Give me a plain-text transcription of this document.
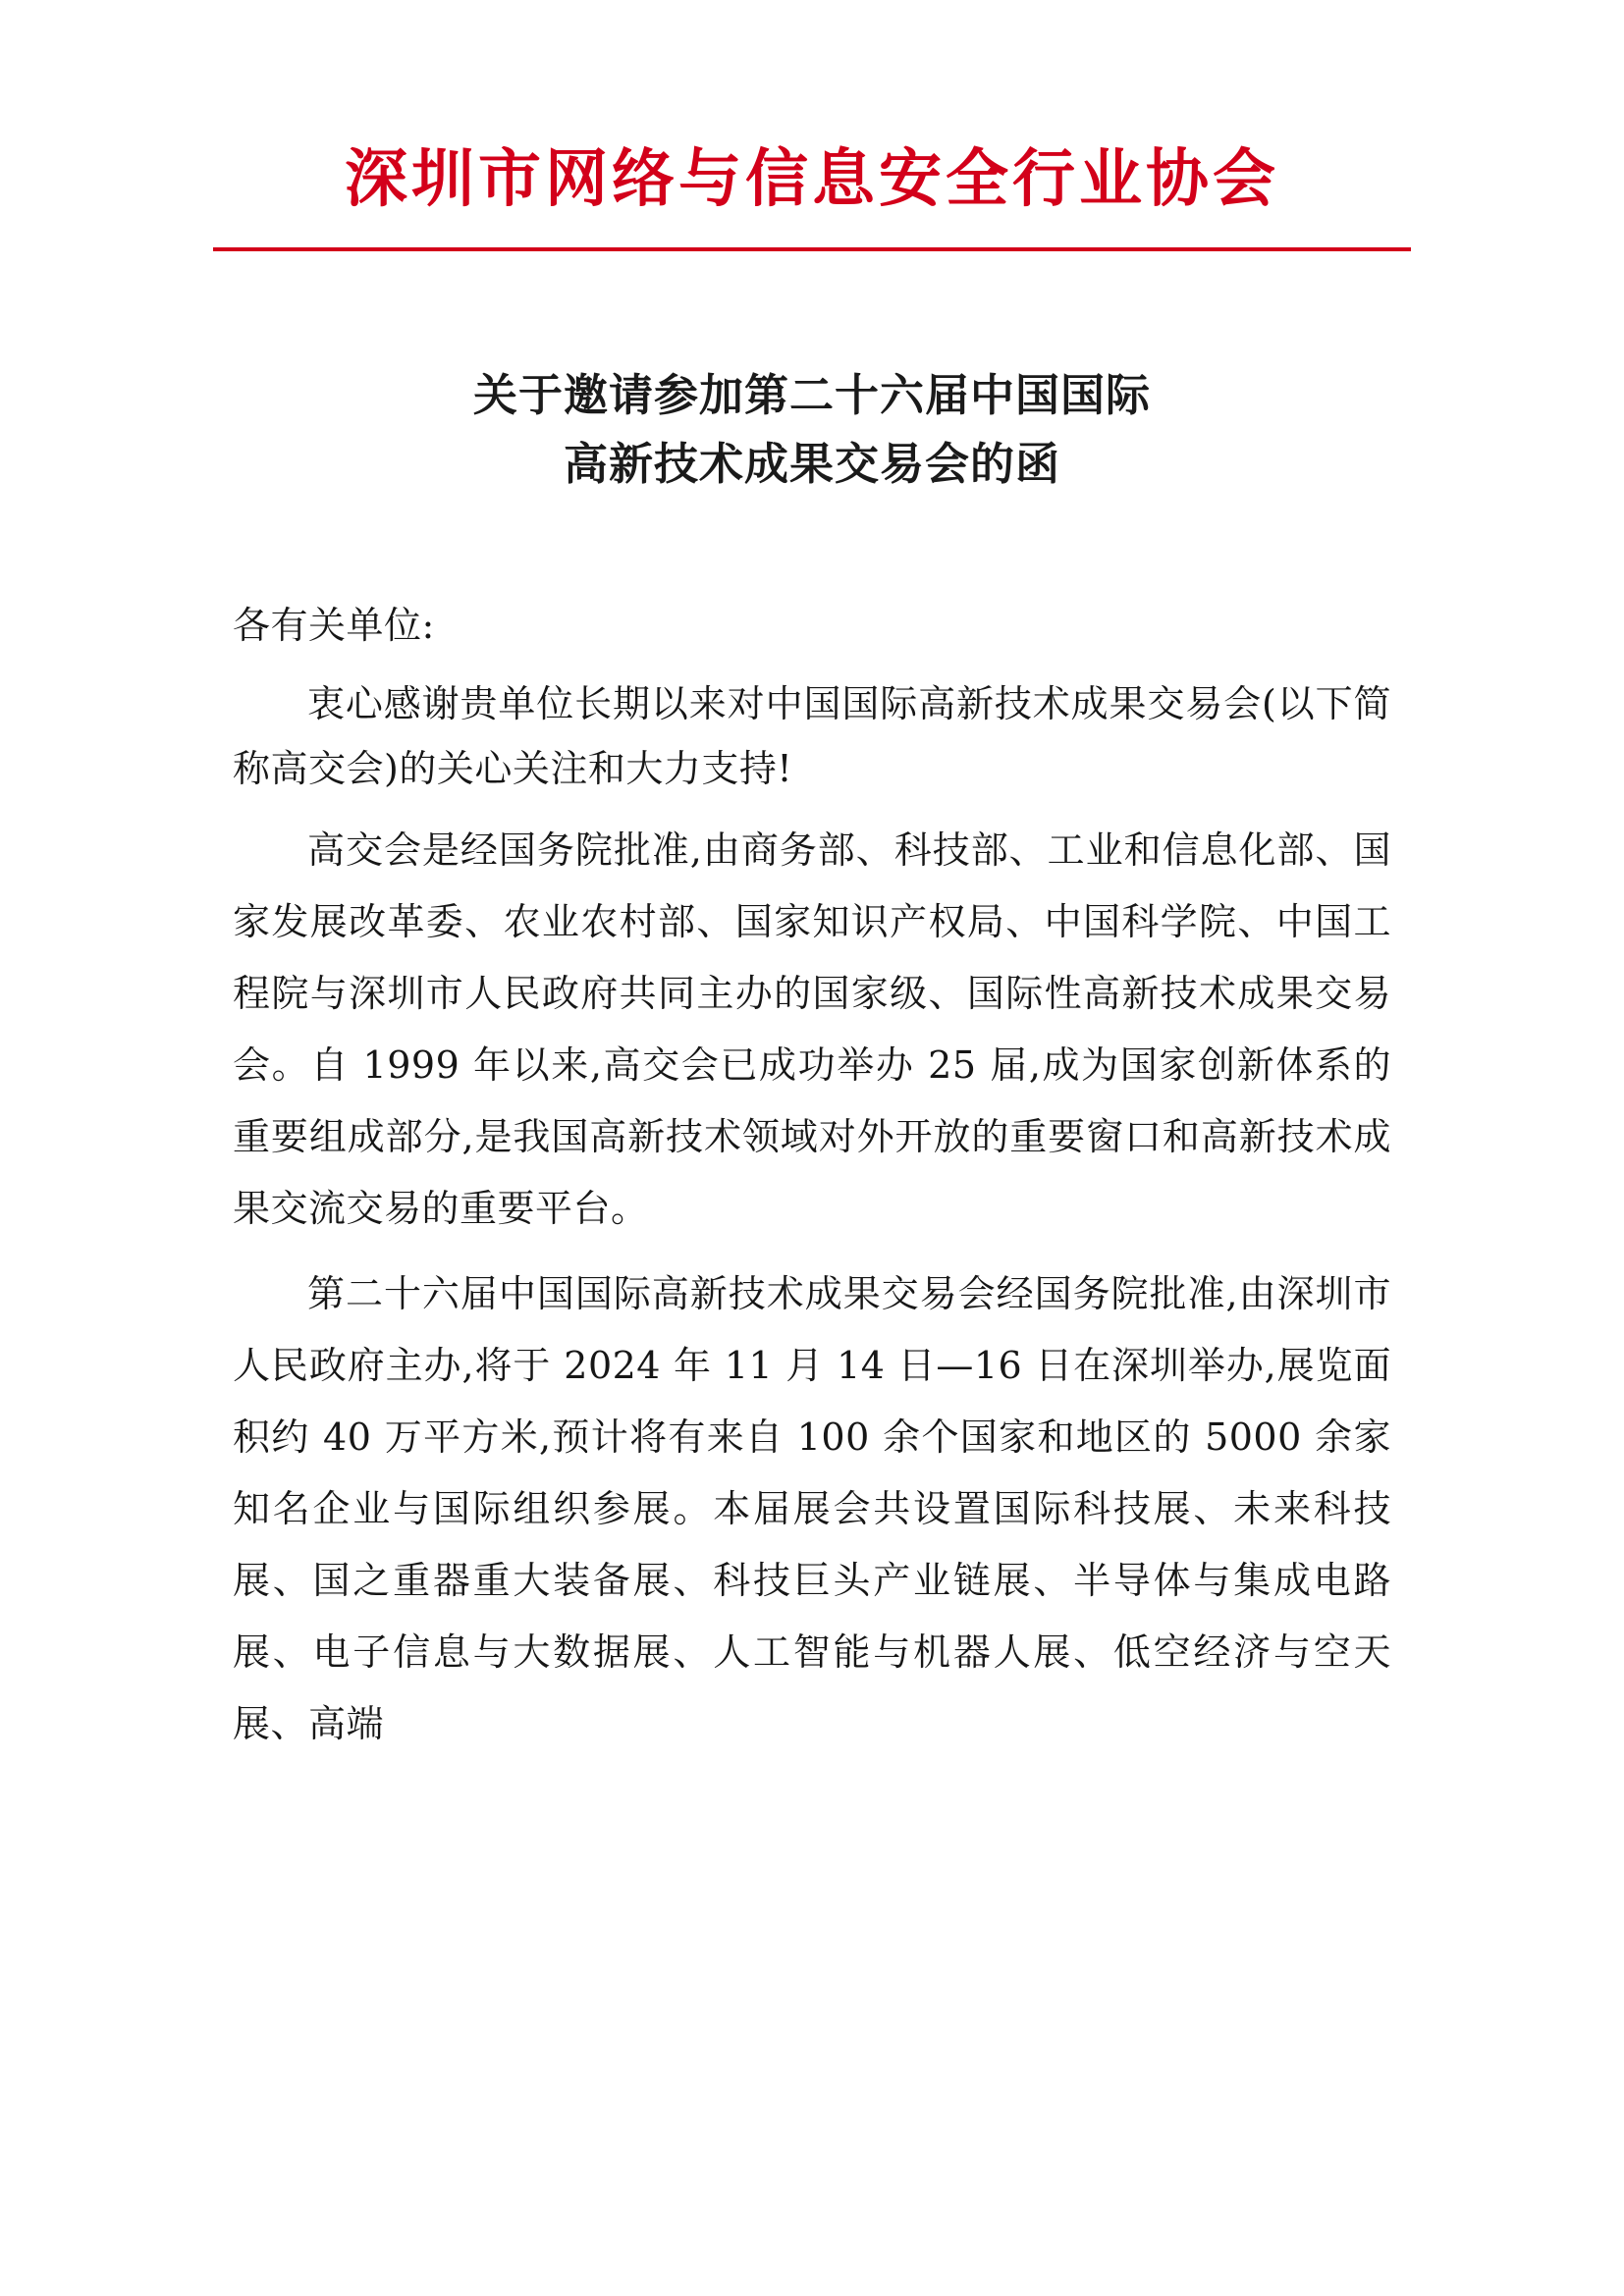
深圳市网络与信息安全行业协会
关于邀请参加第二十六届中国国际
高新技术成果交易会的函

各有关单位:

衷心感谢贵单位长期以来对中国国际高新技术成果交易会(以下简称高交会)的关心关注和大力支持!

高交会是经国务院批准,由商务部、科技部、工业和信息化部、国家发展改革委、农业农村部、国家知识产权局、中国科学院、中国工程院与深圳市人民政府共同主办的国家级、国际性高新技术成果交易会。自 1999 年以来,高交会已成功举办 25 届,成为国家创新体系的重要组成部分,是我国高新技术领域对外开放的重要窗口和高新技术成果交流交易的重要平台。

第二十六届中国国际高新技术成果交易会经国务院批准,由深圳市人民政府主办,将于 2024 年 11 月 14 日—16 日在深圳举办,展览面积约 40 万平方米,预计将有来自 100 余个国家和地区的 5000 余家知名企业与国际组织参展。本届展会共设置国际科技展、未来科技展、国之重器重大装备展、科技巨头产业链展、半导体与集成电路展、电子信息与大数据展、人工智能与机器人展、低空经济与空天展、高端
